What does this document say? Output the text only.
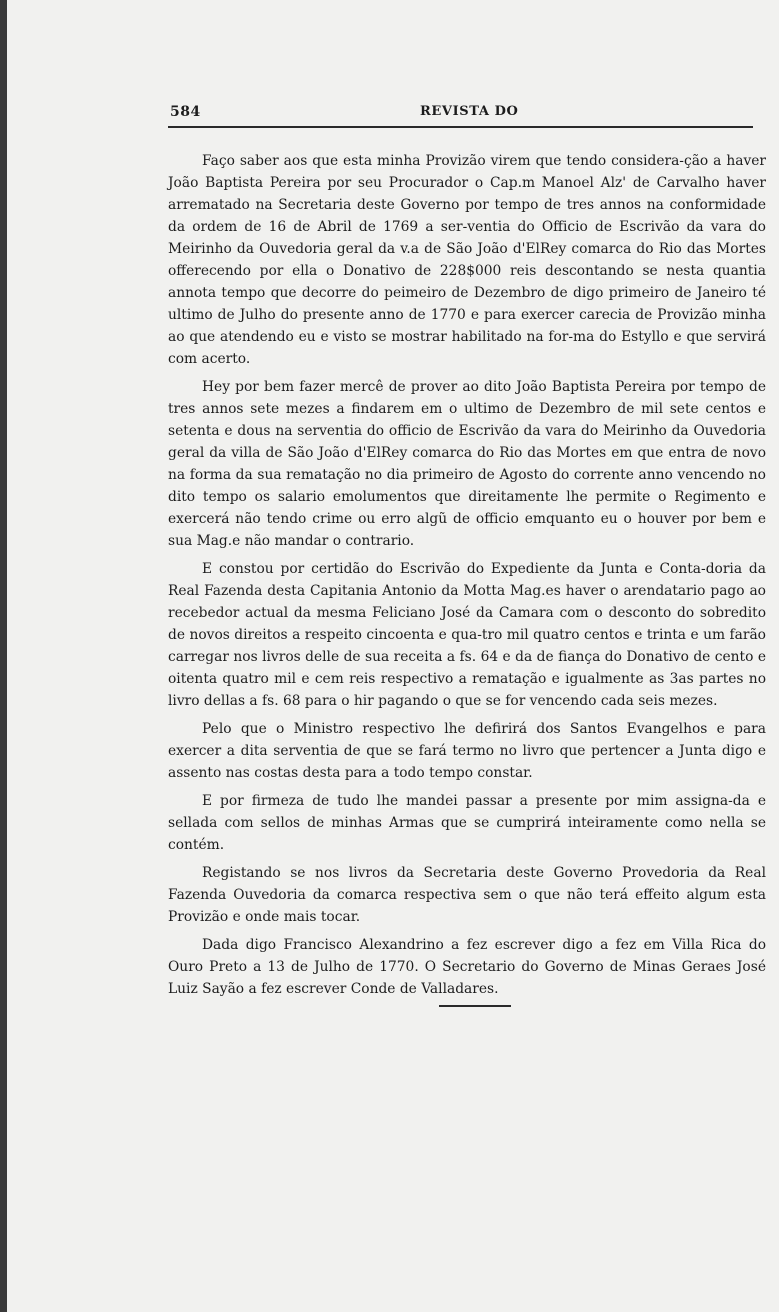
584	REVISTA DO

Faço saber aos que esta minha Provizão virem que tendo considera-ção a haver João Baptista Pereira por seu Procurador o Cap.m Manoel Alz' de Carvalho haver arrematado na Secretaria deste Governo por tempo de tres annos na conformidade da ordem de 16 de Abril de 1769 a ser-ventia do Officio de Escrivão da vara do Meirinho da Ouvedoria geral da v.a de São João d'ElRey comarca do Rio das Mortes offerecendo por ella o Donativo de 228$000 reis descontando se nesta quantia annota tempo que decorre do peimeiro de Dezembro de digo primeiro de Janeiro té ultimo de Julho do presente anno de 1770 e para exercer carecia de Provizão minha ao que atendendo eu e visto se mostrar habilitado na for-ma do Estyllo e que servirá com acerto.

Hey por bem fazer mercê de prover ao dito João Baptista Pereira por tempo de tres annos sete mezes a findarem em o ultimo de Dezembro de mil sete centos e setenta e dous na serventia do officio de Escrivão da vara do Meirinho da Ouvedoria geral da villa de São João d'ElRey comarca do Rio das Mortes em que entra de novo na forma da sua rematação no dia primeiro de Agosto do corrente anno vencendo no dito tempo os salario emolumentos que direitamente lhe permite o Regimento e exercerá não tendo crime ou erro algũ de officio emquanto eu o houver por bem e sua Mag.e não mandar o contrario.

E constou por certidão do Escrivão do Expediente da Junta e Conta-doria da Real Fazenda desta Capitania Antonio da Motta Mag.es haver o arendatario pago ao recebedor actual da mesma Feliciano José da Camara com o desconto do sobredito de novos direitos a respeito cincoenta e qua-tro mil quatro centos e trinta e um farão carregar nos livros delle de sua receita a fs. 64 e da de fiança do Donativo de cento e oitenta quatro mil e cem reis respectivo a rematação e igualmente as 3as partes no livro dellas a fs. 68 para o hir pagando o que se for vencendo cada seis mezes.

Pelo que o Ministro respectivo lhe defirirá dos Santos Evangelhos e para exercer a dita serventia de que se fará termo no livro que pertencer a Junta digo e assento nas costas desta para a todo tempo constar.

E por firmeza de tudo lhe mandei passar a presente por mim assigna-da e sellada com sellos de minhas Armas que se cumprirá inteiramente como nella se contém.

Registando se nos livros da Secretaria deste Governo Provedoria da Real Fazenda Ouvedoria da comarca respectiva sem o que não terá effeito algum esta Provizão e onde mais tocar.

Dada digo Francisco Alexandrino a fez escrever digo a fez em Villa Rica do Ouro Preto a 13 de Julho de 1770. O Secretario do Governo de Minas Geraes José Luiz Sayão a fez escrever Conde de Valladares.
